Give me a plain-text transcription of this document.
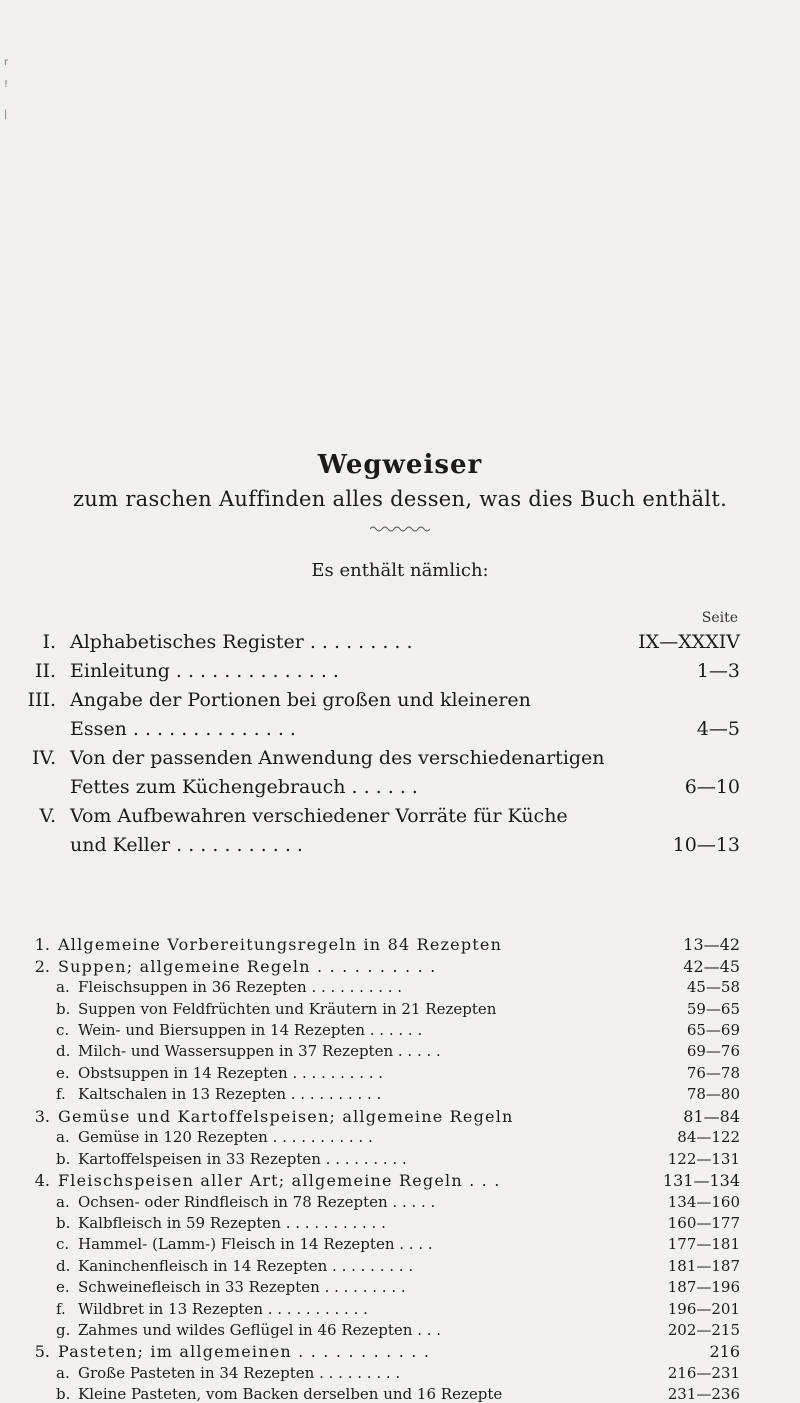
r
!
|
Wegweiser
zum raschen Auffinden alles dessen, was dies Buch enthält.
Es enthält nämlich:
Seite
I. Alphabetisches Register . . . . . . . . .	IX—XXXIV
II. Einleitung . . . . . . . . . . . . . .	1—3
III. Angabe der Portionen bei großen und kleineren
Essen . . . . . . . . . . . . . .	4—5
IV. Von der passenden Anwendung des verschiedenartigen
Fettes zum Küchengebrauch . . . . . .	6—10
V. Vom Aufbewahren verschiedener Vorräte für Küche
und Keller . . . . . . . . . . .	10—13
1. Allgemeine Vorbereitungsregeln in 84 Rezepten	13—42
2. Suppen; allgemeine Regeln . . . . . . . . . .	42—45
a. Fleischsuppen in 36 Rezepten . . . . . . . . . .	45—58
b. Suppen von Feldfrüchten und Kräutern in 21 Rezepten	59—65
c. Wein- und Biersuppen in 14 Rezepten . . . . . .	65—69
d. Milch- und Wassersuppen in 37 Rezepten . . . . .	69—76
e. Obstsuppen in 14 Rezepten . . . . . . . . . .	76—78
f. Kaltschalen in 13 Rezepten . . . . . . . . . .	78—80
3. Gemüse und Kartoffelspeisen; allgemeine Regeln	81—84
a. Gemüse in 120 Rezepten . . . . . . . . . . .	84—122
b. Kartoffelspeisen in 33 Rezepten . . . . . . . . .	122—131
4. Fleischspeisen aller Art; allgemeine Regeln . . .	131—134
a. Ochsen- oder Rindfleisch in 78 Rezepten . . . . .	134—160
b. Kalbfleisch in 59 Rezepten . . . . . . . . . . .	160—177
c. Hammel- (Lamm-) Fleisch in 14 Rezepten . . . .	177—181
d. Kaninchenfleisch in 14 Rezepten . . . . . . . . .	181—187
e. Schweinefleisch in 33 Rezepten . . . . . . . . .	187—196
f. Wildbret in 13 Rezepten . . . . . . . . . . .	196—201
g. Zahmes und wildes Geflügel in 46 Rezepten . . .	202—215
5. Pasteten; im allgemeinen . . . . . . . . . . .	216
a. Große Pasteten in 34 Rezepten . . . . . . . . .	216—231
b. Kleine Pasteten, vom Backen derselben und 16 Rezepte	231—236
